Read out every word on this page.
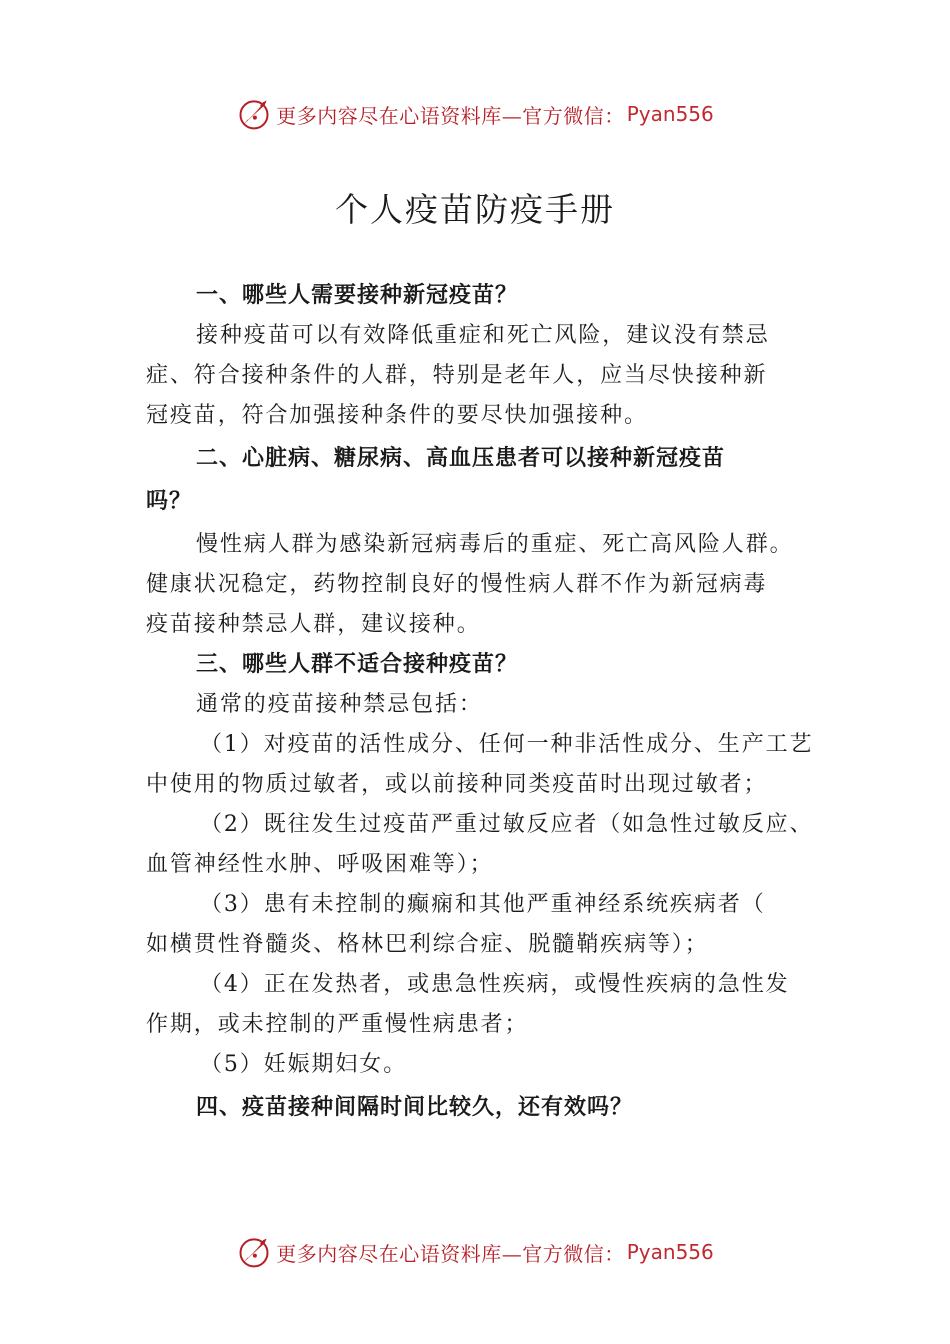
更多内容尽在心语资料库—官方微信： Pyan556
个人疫苗防疫手册
一、哪些人需要接种新冠疫苗？
接种疫苗可以有效降低重症和死亡风险，建议没有禁忌
症、符合接种条件的人群，特别是老年人，应当尽快接种新
冠疫苗，符合加强接种条件的要尽快加强接种。
二、心脏病、糖尿病、高血压患者可以接种新冠疫苗
吗？
慢性病人群为感染新冠病毒后的重症、死亡高风险人群。
健康状况稳定，药物控制良好的慢性病人群不作为新冠病毒
疫苗接种禁忌人群，建议接种。
三、哪些人群不适合接种疫苗？
通常的疫苗接种禁忌包括：
（1）对疫苗的活性成分、任何一种非活性成分、生产工艺
中使用的物质过敏者，或以前接种同类疫苗时出现过敏者；
（2）既往发生过疫苗严重过敏反应者（如急性过敏反应、
血管神经性水肿、呼吸困难等）；
（3）患有未控制的癫痫和其他严重神经系统疾病者（
如横贯性脊髓炎、格林巴利综合症、脱髓鞘疾病等）；
（4）正在发热者，或患急性疾病，或慢性疾病的急性发
作期，或未控制的严重慢性病患者；
（5）妊娠期妇女。
四、疫苗接种间隔时间比较久，还有效吗？
更多内容尽在心语资料库—官方微信： Pyan556
